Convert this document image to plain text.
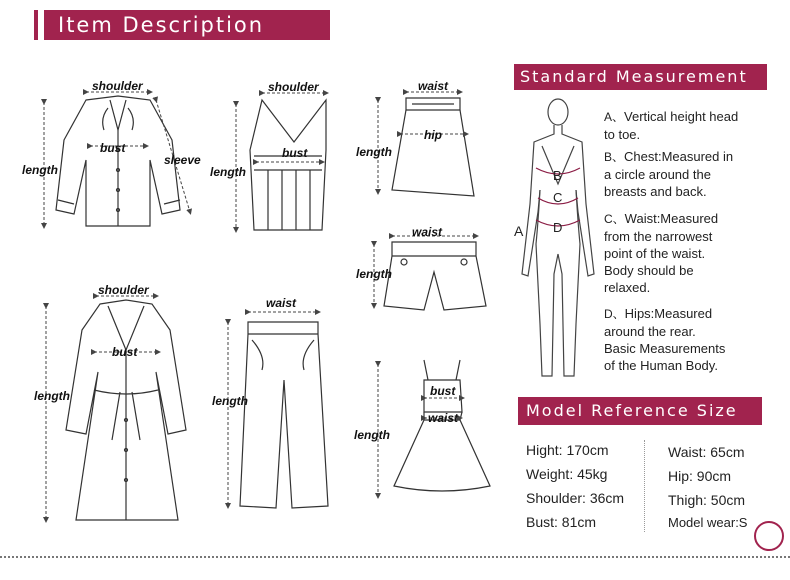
Item Description
shoulder
bust
sleeve
length
shoulder
bust
length
waist
hip
length
waist
length
shoulder
bust
length
waist
length
bust
waist
length
Standard Measurement
B
C
D
A
A、Vertical height head
to toe.
B、Chest:Measured in
a circle around the
breasts and back.
C、Waist:Measured
from the narrowest
point of the waist.
Body should be
relaxed.
D、Hips:Measured
around the rear.
Basic Measurements
of the Human Body.
Model Reference Size
Hight: 170cm
Weight: 45kg
Shoulder: 36cm
Bust: 81cm
Waist: 65cm
Hip: 90cm
Thigh: 50cm
Model wear:S
